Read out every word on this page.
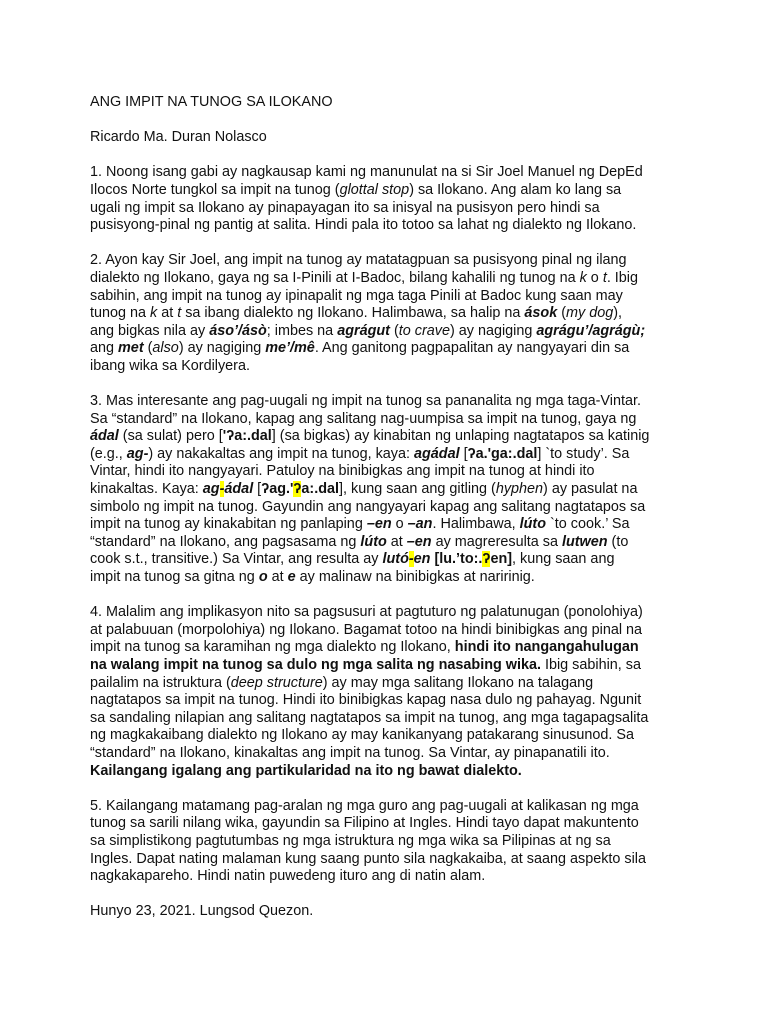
ANG IMPIT NA TUNOG SA ILOKANO
Ricardo Ma. Duran Nolasco
1. Noong isang gabi ay nagkausap kami ng manunulat na si Sir Joel Manuel ng DepEd
Ilocos Norte tungkol sa impit na tunog (glottal stop) sa Ilokano. Ang alam ko lang sa
ugali ng impit sa Ilokano ay pinapayagan ito sa inisyal na pusisyon pero hindi sa
pusisyong-pinal ng pantig at salita. Hindi pala ito totoo sa lahat ng dialekto ng Ilokano.
2. Ayon kay Sir Joel, ang impit na tunog ay matatagpuan sa pusisyong pinal ng ilang
dialekto ng Ilokano, gaya ng sa I-Pinili at I-Badoc, bilang kahalili ng tunog na k o t. Ibig
sabihin, ang impit na tunog ay ipinapalit ng mga taga Pinili at Badoc kung saan may
tunog na k at t sa ibang dialekto ng Ilokano. Halimbawa, sa halip na ások (my dog),
ang bigkas nila ay áso’/ásò; imbes na agrágut (to crave) ay nagiging agrágu’/agrágù;
ang met (also) ay nagiging me’/mê. Ang ganitong pagpapalitan ay nangyayari din sa
ibang wika sa Kordilyera.
3. Mas interesante ang pag-uugali ng impit na tunog sa pananalita ng mga taga-Vintar.
Sa “standard” na Ilokano, kapag ang salitang nag-uumpisa sa impit na tunog, gaya ng
ádal (sa sulat) pero ['ʔa:.dal] (sa bigkas) ay kinabitan ng unlaping nagtatapos sa katinig
(e.g., ag-) ay nakakaltas ang impit na tunog, kaya: agádal [ʔa.'ga:.dal] `to study’. Sa
Vintar, hindi ito nangyayari. Patuloy na binibigkas ang impit na tunog at hindi ito
kinakaltas. Kaya: ag-ádal [ʔag.'ʔa:.dal], kung saan ang gitling (hyphen) ay pasulat na
simbolo ng impit na tunog. Gayundin ang nangyayari kapag ang salitang nagtatapos sa
impit na tunog ay kinakabitan ng panlaping –en o –an. Halimbawa, lúto `to cook.’ Sa
“standard” na Ilokano, ang pagsasama ng lúto at –en ay magreresulta sa lutwen (to
cook s.t., transitive.) Sa Vintar, ang resulta ay lutó-en [lu.’to:.ʔen], kung saan ang
impit na tunog sa gitna ng o at e ay malinaw na binibigkas at naririnig.
4. Malalim ang implikasyon nito sa pagsusuri at pagtuturo ng palatunugan (ponolohiya)
at palabuuan (morpolohiya) ng Ilokano. Bagamat totoo na hindi binibigkas ang pinal na
impit na tunog sa karamihan ng mga dialekto ng Ilokano, hindi ito nangangahulugan
na walang impit na tunog sa dulo ng mga salita ng nasabing wika. Ibig sabihin, sa
pailalim na istruktura (deep structure) ay may mga salitang Ilokano na talagang
nagtatapos sa impit na tunog. Hindi ito binibigkas kapag nasa dulo ng pahayag. Ngunit
sa sandaling nilapian ang salitang nagtatapos sa impit na tunog, ang mga tagapagsalita
ng magkakaibang dialekto ng Ilokano ay may kanikanyang patakarang sinusunod. Sa
“standard” na Ilokano, kinakaltas ang impit na tunog. Sa Vintar, ay pinapanatili ito.
Kailangang igalang ang partikularidad na ito ng bawat dialekto.
5. Kailangang matamang pag-aralan ng mga guro ang pag-uugali at kalikasan ng mga
tunog sa sarili nilang wika, gayundin sa Filipino at Ingles. Hindi tayo dapat makuntento
sa simplistikong pagtutumbas ng mga istruktura ng mga wika sa Pilipinas at ng sa
Ingles. Dapat nating malaman kung saang punto sila nagkakaiba, at saang aspekto sila
nagkakapareho. Hindi natin puwedeng ituro ang di natin alam.
Hunyo 23, 2021. Lungsod Quezon.
